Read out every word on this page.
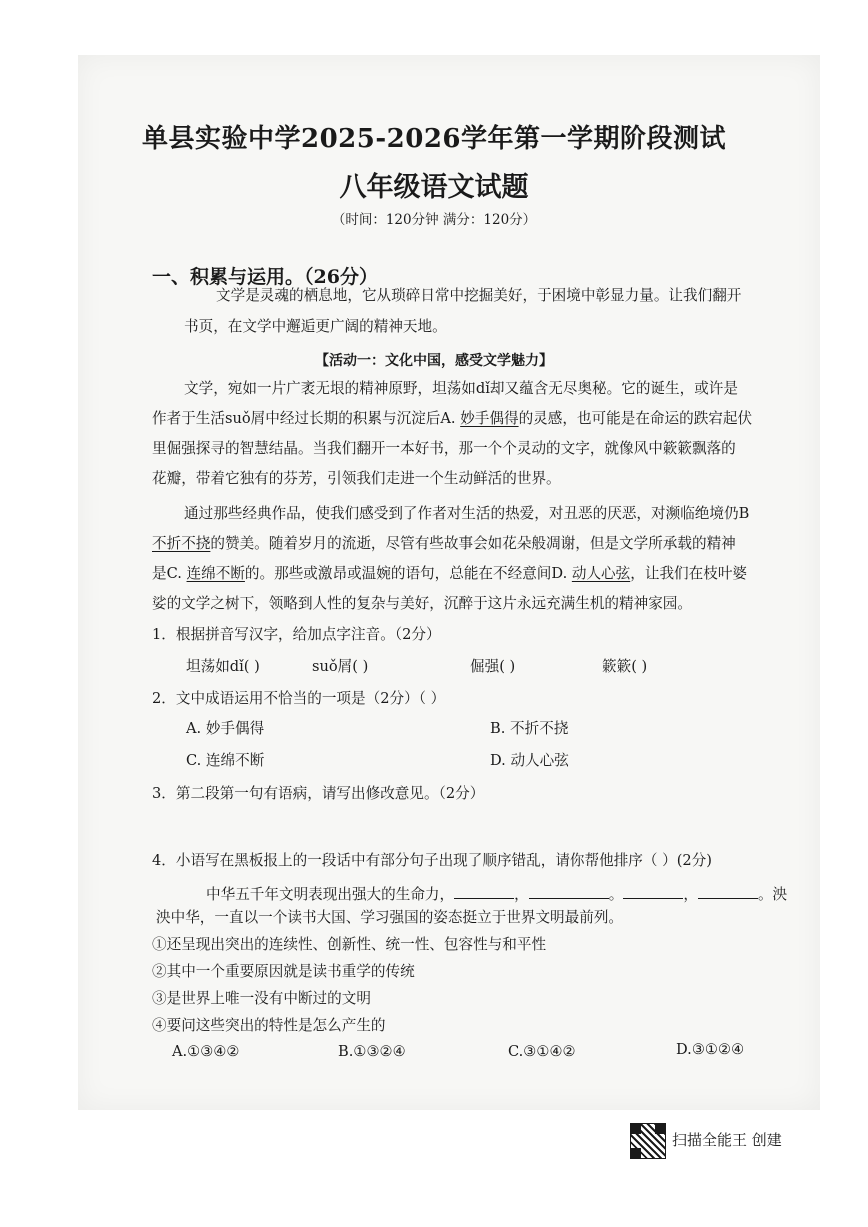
单县实验中学2025-2026学年第一学期阶段测试
八年级语文试题
（时间：120分钟 满分：120分）
一、积累与运用。（26分）
文学是灵魂的栖息地，它从琐碎日常中挖掘美好，于困境中彰显力量。让我们翻开
书页，在文学中邂逅更广阔的精神天地。
【活动一：文化中国，感受文学魅力】
文学，宛如一片广袤无垠的精神原野，坦荡如dǐ却又蕴含无尽奥秘。它的诞生，或许是
作者于生活suǒ屑中经过长期的积累与沉淀后A. 妙手偶得的灵感，也可能是在命运的跌宕起伏
里倔强探寻的智慧结晶。当我们翻开一本好书，那一个个灵动的文字，就像风中簌簌飘落的
花瓣，带着它独有的芬芳，引领我们走进一个生动鲜活的世界。
通过那些经典作品，使我们感受到了作者对生活的热爱，对丑恶的厌恶，对濒临绝境仍B
不折不挠的赞美。随着岁月的流逝，尽管有些故事会如花朵般凋谢，但是文学所承载的精神
是C. 连绵不断的。那些或激昂或温婉的语句，总能在不经意间D. 动人心弦，让我们在枝叶婆
娑的文学之树下，领略到人性的复杂与美好，沉醉于这片永远充满生机的精神家园。
1．根据拼音写汉字，给加点字注音。（2分）
坦荡如dǐ( )	suǒ屑( )	倔强( )	簌簌( )
2．文中成语运用不恰当的一项是（2分）（ ）
A. 妙手偶得	B. 不折不挠
C. 连绵不断	D. 动人心弦
3．第二段第一句有语病，请写出修改意见。（2分）
4．小语写在黑板报上的一段话中有部分句子出现了顺序错乱，请你帮他排序（ ）(2分)
中华五千年文明表现出强大的生命力，	，	。	，	。泱
泱中华，一直以一个读书大国、学习强国的姿态挺立于世界文明最前列。
①还呈现出突出的连续性、创新性、统一性、包容性与和平性
②其中一个重要原因就是读书重学的传统
③是世界上唯一没有中断过的文明
④要问这些突出的特性是怎么产生的
A.①③④②	B.①③②④	C.③①④②	D.③①②④
扫描全能王 创建
